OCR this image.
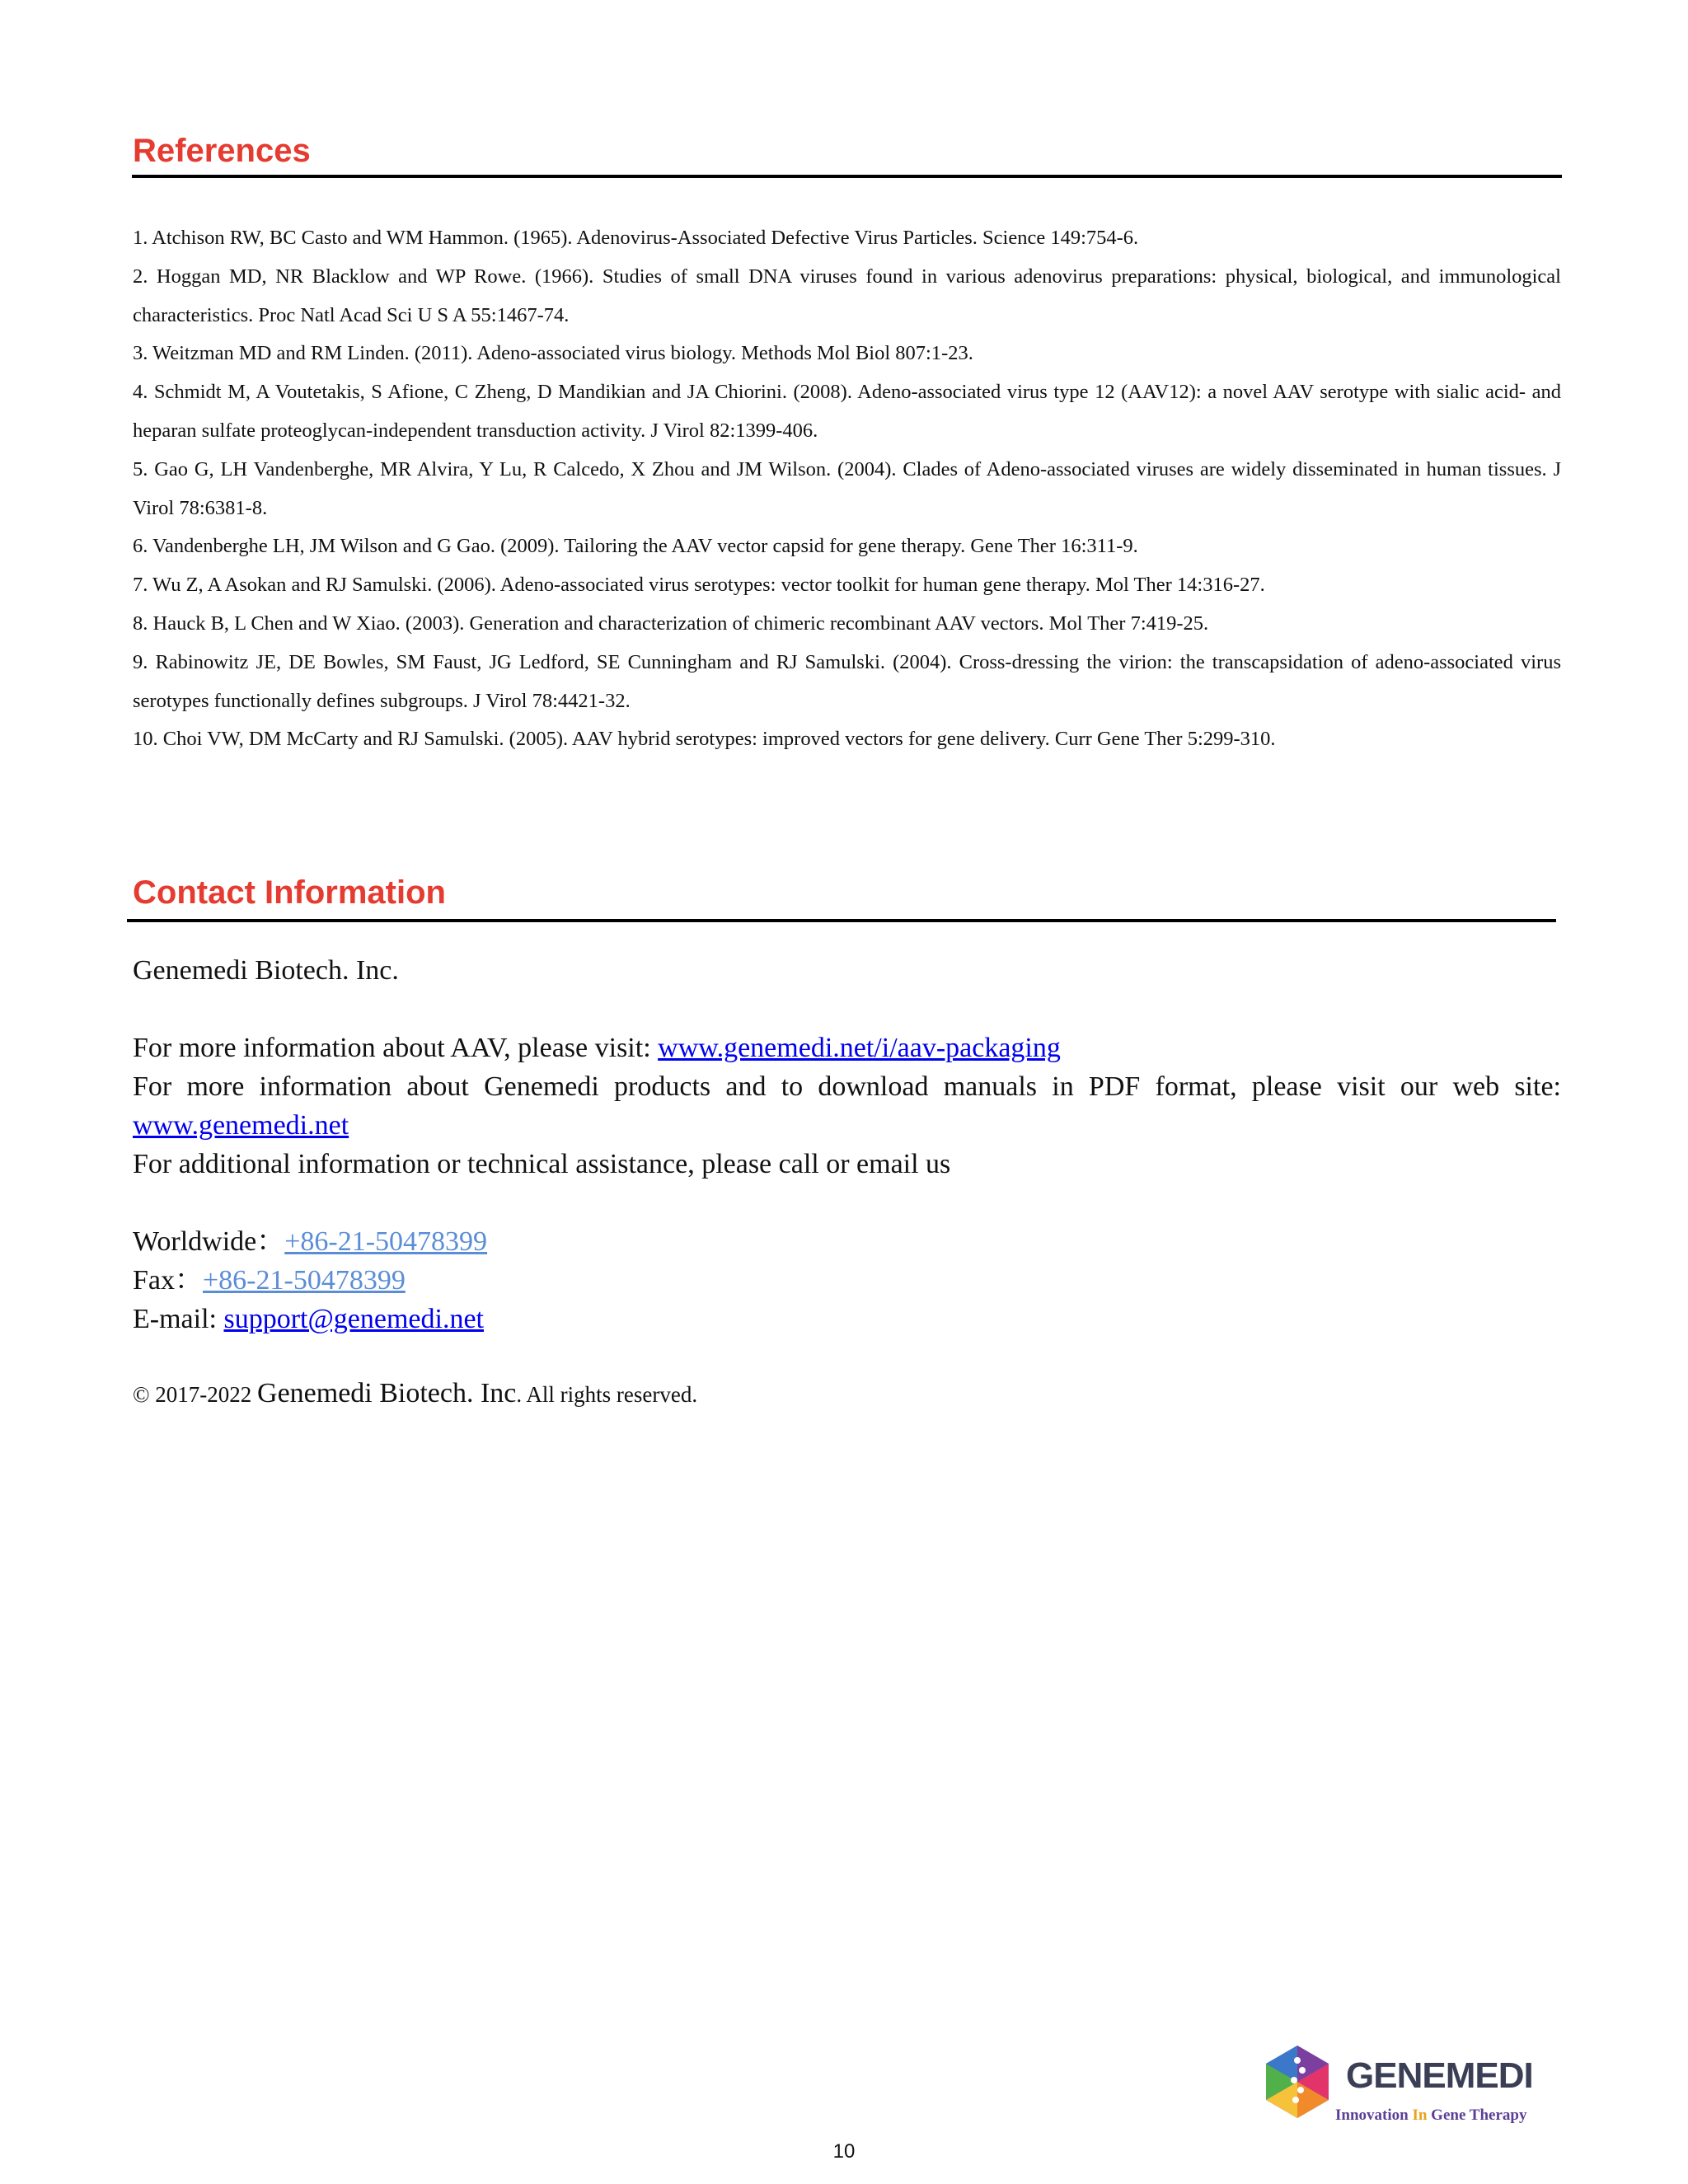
References

1. Atchison RW, BC Casto and WM Hammon. (1965). Adenovirus-Associated Defective Virus Particles. Science 149:754-6.

2. Hoggan MD, NR Blacklow and WP Rowe. (1966). Studies of small DNA viruses found in various adenovirus preparations: physical, biological, and immunological characteristics. Proc Natl Acad Sci U S A 55:1467-74.

3. Weitzman MD and RM Linden. (2011). Adeno-associated virus biology. Methods Mol Biol 807:1-23.

4. Schmidt M, A Voutetakis, S Afione, C Zheng, D Mandikian and JA Chiorini. (2008). Adeno-associated virus type 12 (AAV12): a novel AAV serotype with sialic acid- and heparan sulfate proteoglycan-independent transduction activity. J Virol 82:1399-406.

5. Gao G, LH Vandenberghe, MR Alvira, Y Lu, R Calcedo, X Zhou and JM Wilson. (2004). Clades of Adeno-associated viruses are widely disseminated in human tissues. J Virol 78:6381-8.

6. Vandenberghe LH, JM Wilson and G Gao. (2009). Tailoring the AAV vector capsid for gene therapy. Gene Ther 16:311-9.

7. Wu Z, A Asokan and RJ Samulski. (2006). Adeno-associated virus serotypes: vector toolkit for human gene therapy. Mol Ther 14:316-27.

8. Hauck B, L Chen and W Xiao. (2003). Generation and characterization of chimeric recombinant AAV vectors. Mol Ther 7:419-25.

9. Rabinowitz JE, DE Bowles, SM Faust, JG Ledford, SE Cunningham and RJ Samulski. (2004). Cross-dressing the virion: the transcapsidation of adeno-associated virus serotypes functionally defines subgroups. J Virol 78:4421-32.

10. Choi VW, DM McCarty and RJ Samulski. (2005). AAV hybrid serotypes: improved vectors for gene delivery. Curr Gene Ther 5:299-310.

Contact Information

Genemedi Biotech. Inc.

For more information about AAV, please visit: www.genemedi.net/i/aav-packaging

For more information about Genemedi products and to download manuals in PDF format, please visit our web site: www.genemedi.net

For additional information or technical assistance, please call or email us

Worldwide：+86-21-50478399

Fax：+86-21-50478399

E-mail: support@genemedi.net

© 2017-2022 Genemedi Biotech. Inc. All rights reserved.
GENEMEDI
Innovation In Gene Therapy
10
